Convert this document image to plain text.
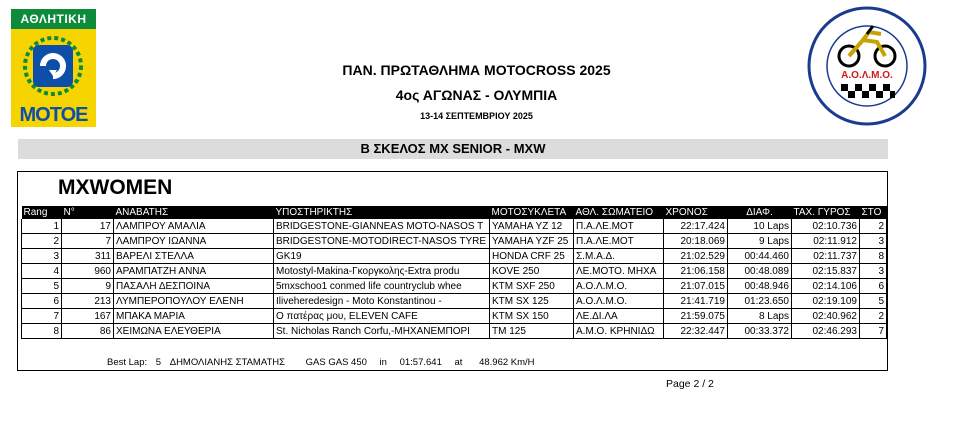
ΑΘΛΗΤΙΚΗ
MOTOE
Α.Ο.Λ.Μ.Ο.
ΠΑΝ. ΠΡΩΤΑΘΛΗΜΑ MOTOCROSS 2025
4ος ΑΓΩΝΑΣ - ΟΛΥΜΠΙΑ
13-14 ΣΕΠΤΕΜΒΡΙΟΥ 2025
Β ΣΚΕΛΟΣ MX SENIOR - MXW
MXWOMEN
Rang	N°	ΑΝΑΒΑΤΗΣ	ΥΠΟΣΤΗΡΙΚΤΗΣ	ΜΟΤΟΣΥΚΛΕΤΑ	ΑΘΛ. ΣΩΜΑΤΕΙΟ	ΧΡΟΝΟΣ	ΔΙΑΦ.	ΤΑΧ. ΓΥΡΟΣ	ΣΤΟ
1	17	ΛΑΜΠΡΟΥ ΑΜΑΛΙΑ	BRIDGESTONE-GIANNEAS MOTO-NASOS T	YAMAHA YZ 12	Π.Α.ΛΕ.ΜΟΤ	22:17.424	10 Laps	02:10.736	2
2	7	ΛΑΜΠΡΟΥ ΙΩΑΝΝΑ	BRIDGESTONE-MOTODIRECT-NASOS TYRE	YAMAHA YZF 25	Π.Α.ΛΕ.ΜΟΤ	20:18.069	9 Laps	02:11.912	3
3	311	ΒΑΡΕΛΙ ΣΤΕΛΛΑ	GK19	HONDA CRF 25	Σ.Μ.Α.Δ.	21:02.529	00:44.460	02:11.737	8
4	960	ΑΡΑΜΠΑΤΖΗ ΑΝΝΑ	Motostyl-Makina-Γκοργκολης-Extra produ	KOVE 250	ΛΕ.ΜΟΤΟ. ΜΗΧΑ	21:06.158	00:48.089	02:15.837	3
5	9	ΠΑΣΑΛΗ ΔΕΣΠΟΙΝΑ	5mxschoo1 conmed life countryclub whee	KTM SXF 250	Α.Ο.Λ.Μ.Ο.	21:07.015	00:48.946	02:14.106	6
6	213	ΛΥΜΠΕΡΟΠΟΥΛΟΥ ΕΛΕΝΗ	Iliveheredesign - Moto Konstantinou -	KTM SX 125	Α.Ο.Λ.Μ.Ο.	21:41.719	01:23.650	02:19.109	5
7	167	ΜΠΑΚΑ ΜΑΡΙΑ	Ο πατέρας μου, ELEVEN CAFE	KTM SX 150	ΛΕ.ΔΙ.ΛΑ	21:59.075	8 Laps	02:40.962	2
8	86	ΧΕΙΜΩΝΑ ΕΛΕΥΘΕΡΙΑ	St. Nicholas Ranch Corfu,-ΜΗΧΑΝΕΜΠΟΡΙ	TM 125	Α.Μ.Ο. ΚΡΗΝΙΔΩ	22:32.447	00:33.372	02:46.293	7
Best Lap: 5 ΔΗΜΟΛΙΑΝΗΣ ΣΤΑΜΑΤΗΣ GAS GAS 450 in 01:57.641 at 48.962 Km/H
Page 2 / 2
